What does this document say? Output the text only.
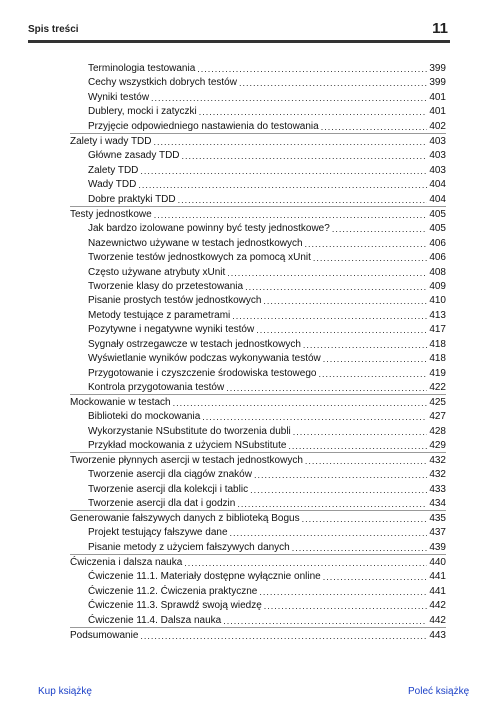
Spis treści	11
Terminologia testowania .....	399
Cechy wszystkich dobrych testów .....	399
Wyniki testów .....	401
Dublery, mocki i zatyczki .....	401
Przyjęcie odpowiedniego nastawienia do testowania .....	402
Zalety i wady TDD .....	403
Główne zasady TDD .....	403
Zalety TDD .....	403
Wady TDD .....	404
Dobre praktyki TDD .....	404
Testy jednostkowe .....	405
Jak bardzo izolowane powinny być testy jednostkowe? .....	405
Nazewnictwo używane w testach jednostkowych .....	406
Tworzenie testów jednostkowych za pomocą xUnit .....	406
Często używane atrybuty xUnit .....	408
Tworzenie klasy do przetestowania .....	409
Pisanie prostych testów jednostkowych .....	410
Metody testujące z parametrami .....	413
Pozytywne i negatywne wyniki testów .....	417
Sygnały ostrzegawcze w testach jednostkowych .....	418
Wyświetlanie wyników podczas wykonywania testów .....	418
Przygotowanie i czyszczenie środowiska testowego .....	419
Kontrola przygotowania testów .....	422
Mockowanie w testach .....	425
Biblioteki do mockowania .....	427
Wykorzystanie NSubstitute do tworzenia dubli .....	428
Przykład mockowania z użyciem NSubstitute .....	429
Tworzenie płynnych asercji w testach jednostkowych .....	432
Tworzenie asercji dla ciągów znaków .....	432
Tworzenie asercji dla kolekcji i tablic .....	433
Tworzenie asercji dla dat i godzin .....	434
Generowanie fałszywych danych z biblioteką Bogus .....	435
Projekt testujący fałszywe dane .....	437
Pisanie metody z użyciem fałszywych danych .....	439
Ćwiczenia i dalsza nauka .....	440
Ćwiczenie 11.1. Materiały dostępne wyłącznie online .....	441
Ćwiczenie 11.2. Ćwiczenia praktyczne .....	441
Ćwiczenie 11.3. Sprawdź swoją wiedzę .....	442
Ćwiczenie 11.4. Dalsza nauka .....	442
Podsumowanie .....	443
Kup książkę	Poleć książkę
